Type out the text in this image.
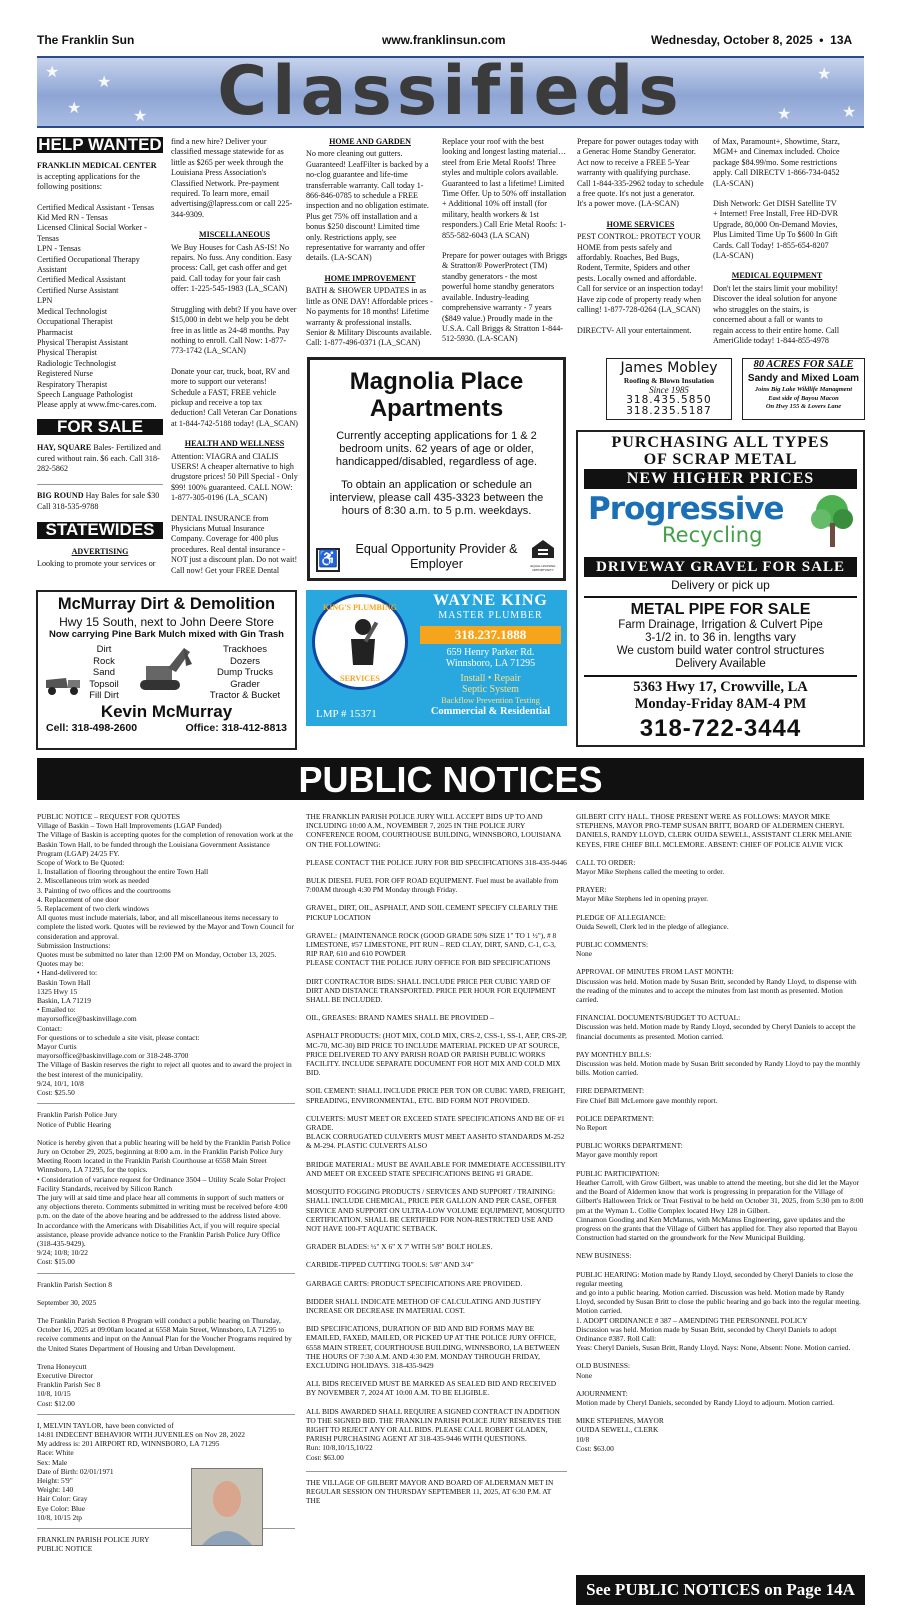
The Franklin Sun	www.franklinsun.com	Wednesday, October 8, 2025  •  13A
★
★
★
★
★
★
★
Classifieds
HELP WANTED

FRANKLIN MEDICAL CENTER is accepting applications for the following positions:

Certified Medical Assistant - Tensas
Kid Med RN - Tensas
Licensed Clinical Social Worker - Tensas
LPN - Tensas
Certified Occupational Therapy Assistant
Certified Medical Assistant
Certified Nurse Assistant
LPN
Medical Technologist
Occupational Therapist
Pharmacist
Physical Therapist Assistant
Physical Therapist
Radiologic Technologist
Registered Nurse
Respiratory Therapist
Speech Language Pathologist
Please apply at www.fmc-cares.com.
FOR SALE

HAY, SQUARE Bales- Fertilized and cured without rain. $6 each. Call 318-282-5862

BIG ROUND Hay Bales for sale $30 Call 318-535-9788

STATEWIDES
ADVERTISING
Looking to promote your services or

find a new hire? Deliver your classified message statewide for as little as $265 per week through the Louisiana Press Association's Classified Network. Pre-payment required. To learn more, email advertising@lapress.com or call 225-344-9309.

MISCELLANEOUS

We Buy Houses for Cash AS-IS! No repairs. No fuss. Any condition. Easy process: Call, get cash offer and get paid. Call today for your fair cash offer: 1-225-545-1983 (LA_SCAN)

Struggling with debt? If you have over $15,000 in debt we help you be debt free in as little as 24-48 months. Pay nothing to enroll. Call Now: 1-877-773-1742 (LA_SCAN)

Donate your car, truck, boat, RV and more to support our veterans! Schedule a FAST, FREE vehicle pickup and receive a top tax deduction! Call Veteran Car Donations at 1-844-742-5188 today! (LA_SCAN)

HEALTH AND WELLNESS

Attention: VIAGRA and CIALIS USERS! A cheaper alternative to high drugstore prices! 50 Pill Special - Only $99! 100% guaranteed. CALL NOW: 1-877-305-0196 (LA_SCAN)

DENTAL INSURANCE from Physicians Mutual Insurance Company. Coverage for 400 plus procedures. Real dental insurance - NOT just a discount plan. Do not wait! Call now! Get your FREE Dental

HOME AND GARDEN

No more cleaning out gutters. Guaranteed! LeafFilter is backed by a no-clog guarantee and life-time transferrable warranty. Call today 1-866-846-0785 to schedule a FREE inspection and no obligation estimate. Plus get 75% off installation and a bonus $250 discount! Limited time only. Restrictions apply, see representative for warranty and offer details. (LA-SCAN)

HOME IMPROVEMENT

BATH & SHOWER UPDATES in as little as ONE DAY! Affordable prices - No payments for 18 months! Lifetime warranty & professional installs. Senior & Military Discounts available. Call: 1-877-496-0371 (LA_SCAN)

Replace your roof with the best looking and longest lasting material… steel from Erie Metal Roofs! Three styles and multiple colors available. Guaranteed to last a lifetime! Limited Time Offer. Up to 50% off installation + Additional 10% off install (for military, health workers & 1st responders.) Call Erie Metal Roofs: 1-855-582-6043 (LA SCAN)

Prepare for power outages with Briggs & Stratton® PowerProtect (TM) standby generators - the most powerful home standby generators available. Industry-leading comprehensive warranty - 7 years ($849 value.) Proudly made in the U.S.A. Call Briggs & Stratton 1-844-512-5930. (LA-SCAN)

Prepare for power outages today with a Generac Home Standby Generator. Act now to receive a FREE 5-Year warranty with qualifying purchase. Call 1-844-335-2962 today to schedule a free quote. It's not just a generator. It's a power move. (LA-SCAN)

HOME SERVICES

PEST CONTROL: PROTECT YOUR HOME from pests safely and affordably. Roaches, Bed Bugs, Rodent, Termite, Spiders and other pests. Locally owned and affordable. Call for service or an inspection today! Have zip code of property ready when calling! 1-877-728-0264 (LA_SCAN)

DIRECTV- All your entertainment.

of Max, Paramount+, Showtime, Starz, MGM+ and Cinemax included. Choice package $84.99/mo. Some restrictions apply. Call DIRECTV 1-866-734-0452 (LA-SCAN)

Dish Network: Get DISH Satellite TV + Internet! Free Install, Free HD-DVR Upgrade, 80,000 On-Demand Movies, Plus Limited Time Up To $600 In Gift Cards. Call Today! 1-855-654-8207 (LA-SCAN)

MEDICAL EQUIPMENT

Don't let the stairs limit your mobility! Discover the ideal solution for anyone who struggles on the stairs, is concerned about a fall or wants to regain access to their entire home. Call AmeriGlide today! 1-844-855-4978

James Mobley
Roofing & Blown Insulation
Since 1985
318.435.5850
318.235.5187
80 ACRES FOR SALE
Sandy and Mixed Loam
Joins Big Lake Wildlife Managment
East side of Bayou Macon
On Hwy 155 & Lovers Lane
Magnolia Place Apartments
Currently accepting applications for 1 & 2 bedroom units. 62 years of age or older, handicapped/disabled, regardless of age.
To obtain an application or schedule an interview, please call 435-3323 between the hours of 8:30 a.m. to 5 p.m. weekdays.
♿
Equal Opportunity Provider & Employer	EQUAL HOUSING OPPORTUNITY
PURCHASING ALL TYPES
OF SCRAP METAL
NEW HIGHER PRICES
Progressive
Recycling
DRIVEWAY GRAVEL FOR SALE
Delivery or pick up
METAL PIPE FOR SALE
Farm Drainage, Irrigation & Culvert Pipe
3-1/2 in. to 36 in. lengths vary
We custom build water control structures
Delivery Available
5363 Hwy 17, Crowville, LA
Monday-Friday 8AM-4 PM
318-722-3444
McMurray Dirt & Demolition
Hwy 15 South, next to John Deere Store
Now carrying Pine Bark Mulch mixed with Gin Trash
Dirt
Rock
Sand
Topsoil
Fill Dirt
Trackhoes
Dozers
Dump Trucks
Grader
Tractor & Bucket
Kevin McMurray
Cell: 318-498-2600	Office: 318-412-8813
KING'S PLUMBING
SERVICES
LMP # 15371
WAYNE KING
MASTER PLUMBER
318.237.1888
659 Henry Parker Rd.
Winnsboro, LA 71295
Install • Repair
Septic System
Backflow Prevention Testing
Commercial & Residential
PUBLIC NOTICES
PUBLIC NOTICE – REQUEST FOR QUOTES
Village of Baskin – Town Hall Improvements (LGAP Funded)
The Village of Baskin is accepting quotes for the completion of renovation work at the Baskin Town Hall, to be funded through the Louisiana Government Assistance Program (LGAP) 24/25 FY.
Scope of Work to Be Quoted:
1. Installation of flooring throughout the entire Town Hall
2. Miscellaneous trim work as needed
3. Painting of two offices and the courtrooms
4. Replacement of one door
5. Replacement of two clerk windows
All quotes must include materials, labor, and all miscellaneous items necessary to complete the listed work. Quotes will be reviewed by the Mayor and Town Council for consideration and approval.
Submission Instructions:
Quotes must be submitted no later than 12:00 PM on Monday, October 13, 2025.
Quotes may be:
• Hand-delivered to:
Baskin Town Hall
1325 Hwy 15
Baskin, LA 71219
• Emailed to:
mayorsoffice@baskinvillage.com
Contact:
For questions or to schedule a site visit, please contact:
Mayor Curtis
mayorsoffice@baskinvillage.com or 318-248-3700
The Village of Baskin reserves the right to reject all quotes and to award the project in the best interest of the municipality.
9/24, 10/1, 10/8
Cost: $25.50

Franklin Parish Police Jury
Notice of Public Hearing

Notice is hereby given that a public hearing will be held by the Franklin Parish Police Jury on October 29, 2025, beginning at 8:00 a.m. in the Franklin Parish Police Jury Meeting Room located in the Franklin Parish Courthouse at 6558 Main Street Winnsboro, LA 71295, for the topics.
• Consideration of variance request for Ordinance 3504 – Utility Scale Solar Project Facility Standards, received by Silicon Ranch
The jury will at said time and place hear all comments in support of such matters or any objections thereto. Comments submitted in writing must be received before 4:00 p.m. on the date of the above hearing and be addressed to the address listed above.
In accordance with the Americans with Disabilities Act, if you will require special assistance, please provide advance notice to the Franklin Parish Police Jury Office (318-435-9429).
9/24; 10/8; 10/22
Cost: $15.00

Franklin Parish Section 8

September 30, 2025

The Franklin Parish Section 8 Program will conduct a public hearing on Thursday, October 16, 2025 at 09:00am located at 6558 Main Street, Winnsboro, LA 71295 to receive comments and input on the Annual Plan for the Voucher Programs required by the United States Department of Housing and Urban Development.

Trena Honeycutt
Executive Director
Franklin Parish Sec 8
10/8, 10/15
Cost: $12.00
I, MELVIN TAYLOR, have been convicted of
14:81 INDECENT BEHAVIOR WITH JUVENILES on Nov 28, 2022
My address is: 201 AIRPORT RD, WINNSBORO, LA 71295
Race: White
Sex: Male
Date of Birth: 02/01/1971
Height: 5'9"
Weight: 140
Hair Color: Gray
Eye Color: Blue
10/8, 10/15 2tp
FRANKLIN PARISH POLICE JURY
PUBLIC NOTICE

THE FRANKLIN PARISH POLICE JURY WILL ACCEPT BIDS UP TO AND INCLUDING 10:00 A.M., NOVEMBER 7, 2025 IN THE POLICE JURY CONFERENCE ROOM, COURTHOUSE BUILDING, WINNSBORO, LOUISIANA ON THE FOLLOWING:

PLEASE CONTACT THE POLICE JURY FOR BID SPECIFICATIONS 318-435-9446

BULK DIESEL FUEL FOR OFF ROAD EQUIPMENT. Fuel must be available from 7:00AM through 4:30 PM Monday through Friday.

GRAVEL, DIRT, OIL, ASPHALT, AND SOIL CEMENT SPECIFY CLEARLY THE PICKUP LOCATION

GRAVEL: {MAINTENANCE ROCK (GOOD GRADE 50% SIZE 1" TO 1 ½"), # 8 LIMESTONE, #57 LIMESTONE, PIT RUN – RED CLAY, DIRT, SAND, C-1, C-3, RIP RAP, 610 and 610 POWDER
PLEASE CONTACT THE POLICE JURY OFFICE FOR BID SPECIFICATIONS

DIRT CONTRACTOR BIDS: SHALL INCLUDE PRICE PER CUBIC YARD OF DIRT AND DISTANCE TRANSPORTED. PRICE PER HOUR FOR EQUIPMENT SHALL BE INCLUDED.

OIL, GREASES: BRAND NAMES SHALL BE PROVIDED –

ASPHALT PRODUCTS: (HOT MIX, COLD MIX, CRS-2, CSS-1, SS-1, AEP, CRS-2P, MC-70, MC-30) BID PRICE TO INCLUDE MATERIAL PICKED UP AT SOURCE, PRICE DELIVERED TO ANY PARISH ROAD OR PARISH PUBLIC WORKS FACILITY. INCLUDE SEPARATE DOCUMENT FOR HOT MIX AND COLD MIX BID.

SOIL CEMENT: SHALL INCLUDE PRICE PER TON OR CUBIC YARD, FREIGHT, SPREADING, ENVIRONMENTAL, ETC. BID FORM NOT PROVIDED.

CULVERTS: MUST MEET OR EXCEED STATE SPECIFICATIONS AND BE OF #1 GRADE.
BLACK CORRUGATED CULVERTS MUST MEET AASHTO STANDARDS M-252 & M-294. PLASTIC CULVERTS ALSO

BRIDGE MATERIAL: MUST BE AVAILABLE FOR IMMEDIATE ACCESSIBILITY AND MEET OR EXCEED STATE SPECIFICATIONS BEING #1 GRADE.

MOSQUITO FOGGING PRODUCTS / SERVICES AND SUPPORT / TRAINING: SHALL INCLUDE CHEMICAL, PRICE PER GALLON AND PER CASE, OFFER SERVICE AND SUPPORT ON ULTRA-LOW VOLUME EQUIPMENT, MOSQUITO CERTIFICATION. SHALL BE CERTIFIED FOR NON-RESTRICTED USE AND
NOT HAVE 100-FT AQUATIC SETBACK.

GRADER BLADES: ½" X 6" X 7' WITH 5/8" BOLT HOLES.

CARBIDE-TIPPED CUTTING TOOLS: 5/8" AND 3/4"

GARBAGE CARTS: PRODUCT SPECIFICATIONS ARE PROVIDED.

BIDDER SHALL INDICATE METHOD OF CALCULATING AND JUSTIFY INCREASE OR DECREASE IN MATERIAL COST.

BID SPECIFICATIONS, DURATION OF BID AND BID FORMS MAY BE EMAILED, FAXED, MAILED, OR PICKED UP AT THE POLICE JURY OFFICE, 6558 MAIN STREET, COURTHOUSE BUILDING, WINNSBORO, LA BETWEEN THE HOURS OF 7:30 A.M. AND 4:30 P.M. MONDAY THROUGH FRIDAY, EXCLUDING HOLIDAYS. 318-435-9429

ALL BIDS RECEIVED MUST BE MARKED AS SEALED BID AND RECEIVED BY NOVEMBER 7, 2024 AT 10:00 A.M. TO BE ELIGIBLE.

ALL BIDS AWARDED SHALL REQUIRE A SIGNED CONTRACT IN ADDITION TO THE SIGNED BID. THE FRANKLIN PARISH POLICE JURY RESERVES THE RIGHT TO REJECT ANY OR ALL BIDS. PLEASE CALL ROBERT GLADEN, PARISH PURCHASING AGENT AT 318-435-9446 WITH QUESTIONS.
Run: 10/8,10/15,10/22
Cost: $63.00

THE VILLAGE OF GILBERT MAYOR AND BOARD OF ALDERMAN MET IN REGULAR SESSION ON THURSDAY SEPTEMBER 11, 2025, AT 6:30 P.M. AT THE

GILBERT CITY HALL. THOSE PRESENT WERE AS FOLLOWS: MAYOR MIKE STEPHENS, MAYOR PRO-TEMP SUSAN BRITT, BOARD OF ALDERMEN CHERYL DANIELS, RANDY LLOYD, CLERK OUIDA SEWELL, ASSISTANT CLERK MELANIE KEYES, FIRE CHIEF BILL MCLEMORE. ABSENT: CHIEF OF POLICE ALVIE VICK

CALL TO ORDER:
Mayor Mike Stephens called the meeting to order.

PRAYER:
Mayor Mike Stephens led in opening prayer.

PLEDGE OF ALLEGIANCE:
Ouida Sewell, Clerk led in the pledge of allegiance.

PUBLIC COMMENTS:
None

APPROVAL OF MINUTES FROM LAST MONTH:
Discussion was held. Motion made by Susan Britt, seconded by Randy Lloyd, to dispense with the reading of the minutes and to accept the minutes from last month as presented. Motion carried.

FINANCIAL DOCUMENTS/BUDGET TO ACTUAL:
Discussion was held. Motion made by Randy Lloyd, seconded by Cheryl Daniels to accept the financial documents as presented. Motion carried.

PAY MONTHLY BILLS:
Discussion was held. Motion made by Susan Britt seconded by Randy Lloyd to pay the monthly bills. Motion carried.

FIRE DEPARTMENT:
Fire Chief Bill McLemore gave monthly report.

POLICE DEPARTMENT:
No Report

PUBLIC WORKS DEPARTMENT:
Mayor gave monthly report

PUBLIC PARTICIPATION:
Heather Carroll, with Grow Gilbert, was unable to attend the meeting, but she did let the Mayor and the Board of Aldermen know that work is progressing in preparation for the Village of Gilbert's Halloween Trick or Treat Festival to be held on October 31, 2025, from 5:30 pm to 8:00 pm at the Wyman L. Collie Complex located Hwy 128 in Gilbert.
Cinnamon Gooding and Ken McManus, with McManus Engineering, gave updates and the progress on the grants that the Village of Gilbert has applied for. They also reported that Bayou Construction had started on the groundwork for the New Municipal Building.

NEW BUSINESS:

PUBLIC HEARING: Motion made by Randy Lloyd, seconded by Cheryl Daniels to close the regular meeting
and go into a public hearing. Motion carried. Discussion was held. Motion made by Randy Lloyd, seconded by Susan Britt to close the public hearing and go back into the regular meeting. Motion carried.
1. ADOPT ORDINANCE # 387 – AMENDING THE PERSONNEL POLICY
Discussion was held. Motion made by Susan Britt, seconded by Cheryl Daniels to adopt Ordinance #387. Roll Call:
Yeas: Cheryl Daniels, Susan Britt, Randy Lloyd. Nays: None, Absent: None. Motion carried.

OLD BUSINESS:
None

AJOURNMENT:
Motion made by Cheryl Daniels, seconded by Randy Lloyd to adjourn. Motion carried.

MIKE STEPHENS, MAYOR
OUIDA SEWELL, CLERK
10/8
Cost: $63.00

See PUBLIC NOTICES on Page 14A
